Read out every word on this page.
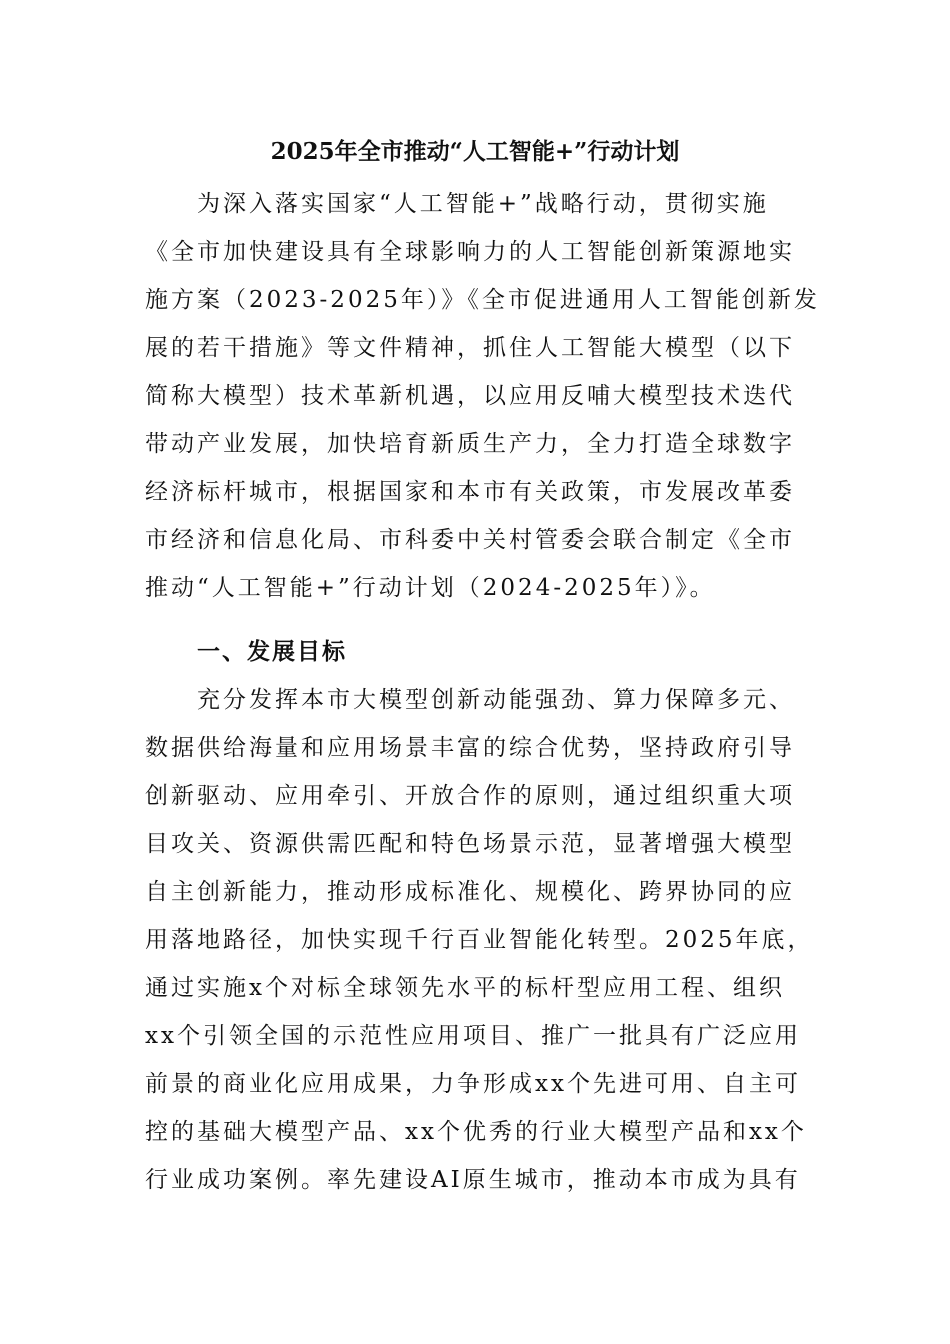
2025年全市推动“人工智能+”行动计划
为深入落实国家“人工智能+”战略行动，贯彻实施
《全市加快建设具有全球影响力的人工智能创新策源地实
施方案（2023-2025年）》《全市促进通用人工智能创新发
展的若干措施》等文件精神，抓住人工智能大模型（以下
简称大模型）技术革新机遇，以应用反哺大模型技术迭代
带动产业发展，加快培育新质生产力，全力打造全球数字
经济标杆城市，根据国家和本市有关政策，市发展改革委
市经济和信息化局、市科委中关村管委会联合制定《全市
推动“人工智能+”行动计划（2024-2025年）》。
一、发展目标
充分发挥本市大模型创新动能强劲、算力保障多元、
数据供给海量和应用场景丰富的综合优势，坚持政府引导
创新驱动、应用牵引、开放合作的原则，通过组织重大项
目攻关、资源供需匹配和特色场景示范，显著增强大模型
自主创新能力，推动形成标准化、规模化、跨界协同的应
用落地路径，加快实现千行百业智能化转型。2025年底，
通过实施x个对标全球领先水平的标杆型应用工程、组织
xx个引领全国的示范性应用项目、推广一批具有广泛应用
前景的商业化应用成果，力争形成xx个先进可用、自主可
控的基础大模型产品、xx个优秀的行业大模型产品和xx个
行业成功案例。率先建设AI原生城市，推动本市成为具有
